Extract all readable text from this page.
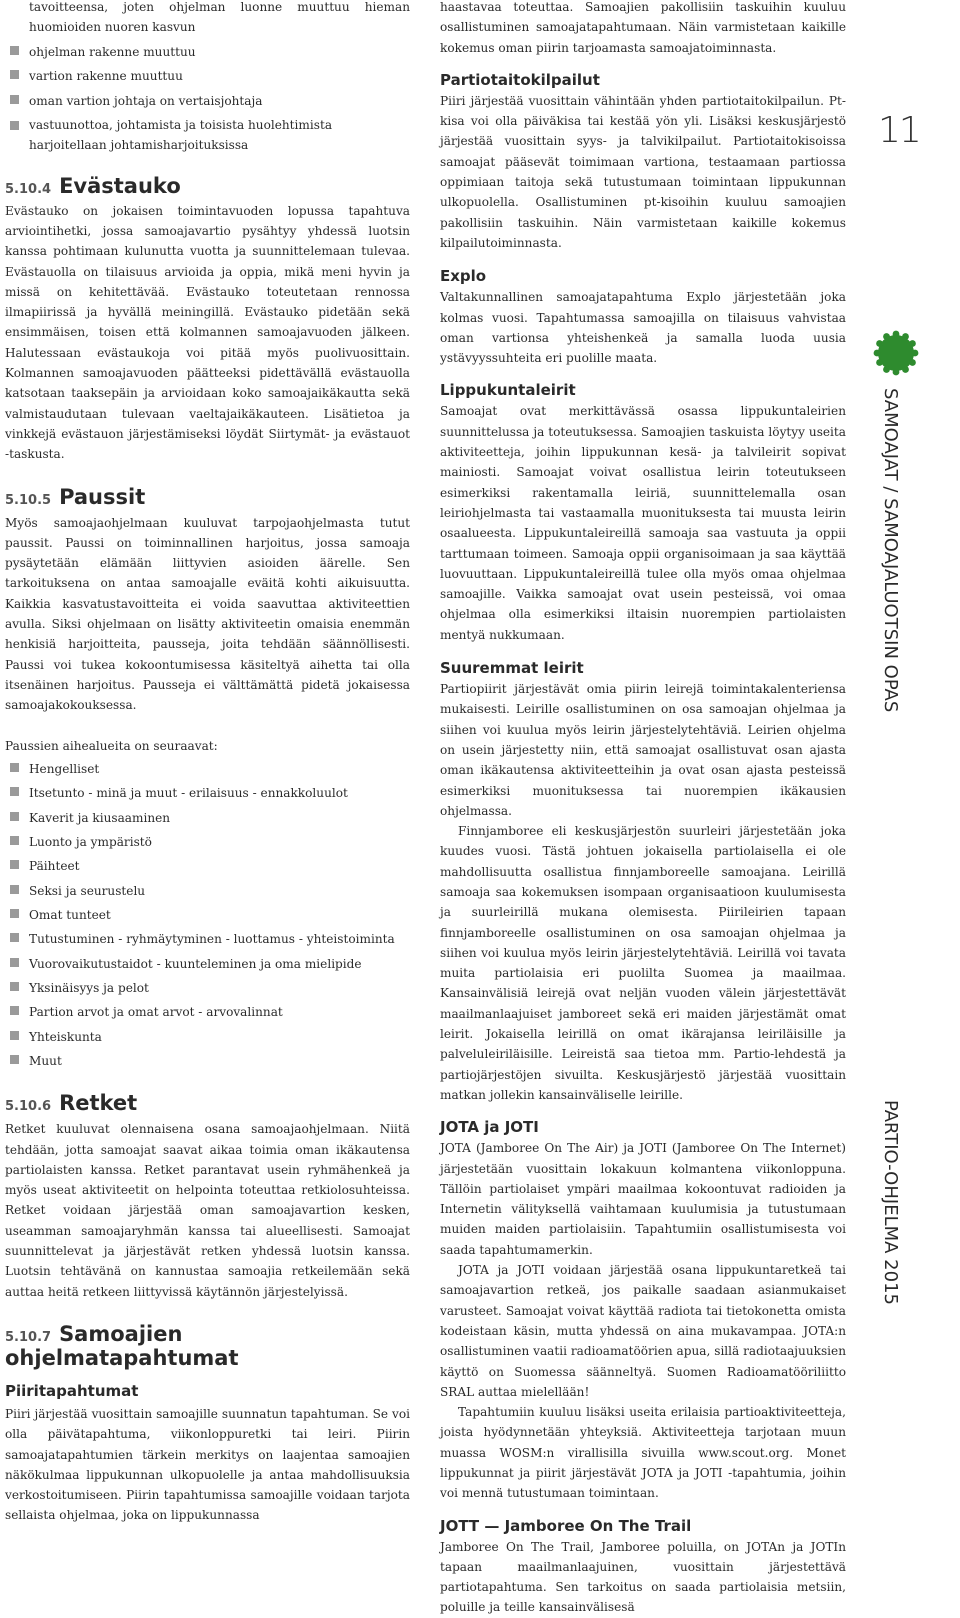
tavoitteensa, joten ohjelman luonne muuttuu hieman huomioiden nuoren kasvun

ohjelman rakenne muuttuu
vartion rakenne muuttuu
oman vartion johtaja on vertaisjohtaja
vastuunottoa, johtamista ja toisista huolehtimista harjoitellaan johtamisharjoituksissa
5.10.4 Evästauko

Evästauko on jokaisen toimintavuoden lopussa tapahtuva arviointihetki, jossa samoajavartio pysähtyy yhdessä luotsin kanssa pohtimaan kulunutta vuotta ja suunnittelemaan tulevaa. Evästauolla on tilaisuus arvioida ja oppia, mikä meni hyvin ja missä on kehitettävää. Evästauko toteutetaan rennossa ilmapiirissä ja hyvällä meiningillä. Evästauko pidetään sekä ensimmäisen, toisen että kolmannen samoajavuoden jälkeen. Halutessaan evästaukoja voi pitää myös puolivuosittain. Kolmannen samoajavuoden päätteeksi pidettävällä evästauolla katsotaan taaksepäin ja arvioidaan koko samoajaikäkautta sekä valmistaudutaan tulevaan vaeltajaikäkauteen. Lisätietoa ja vinkkejä evästauon järjestämiseksi löydät Siirtymät- ja evästauot -taskusta.

5.10.5 Paussit

Myös samoajaohjelmaan kuuluvat tarpojaohjelmasta tutut paussit. Paussi on toiminnallinen harjoitus, jossa samoaja pysäytetään elämään liittyvien asioiden äärelle. Sen tarkoituksena on antaa samoajalle eväitä kohti aikuisuutta. Kaikkia kasvatustavoitteita ei voida saavuttaa aktiviteettien avulla. Siksi ohjelmaan on lisätty aktiviteetin omaisia enemmän henkisiä harjoitteita, pausseja, joita tehdään säännöllisesti. Paussi voi tukea kokoontumisessa käsiteltyä aihetta tai olla itsenäinen harjoitus. Pausseja ei välttämättä pidetä jokaisessa samoajakokouksessa.

Paussien aihealueita on seuraavat:

Hengelliset
Itsetunto - minä ja muut - erilaisuus - ennakkoluulot
Kaverit ja kiusaaminen
Luonto ja ympäristö
Päihteet
Seksi ja seurustelu
Omat tunteet
Tutustuminen - ryhmäytyminen - luottamus - yhteistoiminta
Vuorovaikutustaidot - kuunteleminen ja oma mielipide
Yksinäisyys ja pelot
Partion arvot ja omat arvot - arvovalinnat
Yhteiskunta
Muut
5.10.6 Retket

Retket kuuluvat olennaisena osana samoajaohjelmaan. Niitä tehdään, jotta samoajat saavat aikaa toimia oman ikäkautensa partiolaisten kanssa. Retket parantavat usein ryhmähenkeä ja myös useat aktiviteetit on helpointa toteuttaa retkiolosuhteissa. Retket voidaan järjestää oman samoajavartion kesken, useamman samoajaryhmän kanssa tai alueellisesti. Samoajat suunnittelevat ja järjestävät retken yhdessä luotsin kanssa. Luotsin tehtävänä on kannustaa samoajia retkeilemään sekä auttaa heitä retkeen liittyvissä käytännön järjestelyissä.

5.10.7 Samoajien ohjelmatapahtumat
Piiritapahtumat

Piiri järjestää vuosittain samoajille suunnatun tapahtuman. Se voi olla päivätapahtuma, viikonloppuretki tai leiri. Piirin samoajatapahtumien tärkein merkitys on laajentaa samoajien näkökulmaa lippukunnan ulkopuolelle ja antaa mahdollisuuksia verkostoitumiseen. Piirin tapahtumissa samoajille voidaan tarjota sellaista ohjelmaa, joka on lippukunnassa

haastavaa toteuttaa. Samoajien pakollisiin taskuihin kuuluu osallistuminen samoajatapahtumaan. Näin varmistetaan kaikille kokemus oman piirin tarjoamasta samoajatoiminnasta.

Partiotaitokilpailut

Piiri järjestää vuosittain vähintään yhden partiotaitokilpailun. Pt-kisa voi olla päiväkisa tai kestää yön yli. Lisäksi keskusjärjestö järjestää vuosittain syys- ja talvikilpailut. Partiotaitokisoissa samoajat pääsevät toimimaan vartiona, testaamaan partiossa oppimiaan taitoja sekä tutustumaan toimintaan lippukunnan ulkopuolella. Osallistuminen pt-kisoihin kuuluu samoajien pakollisiin taskuihin. Näin varmistetaan kaikille kokemus kilpailutoiminnasta.

Explo

Valtakunnallinen samoajatapahtuma Explo järjestetään joka kolmas vuosi. Tapahtumassa samoajilla on tilaisuus vahvistaa oman vartionsa yhteishenkeä ja samalla luoda uusia ystävyyssuhteita eri puolille maata.

Lippukuntaleirit

Samoajat ovat merkittävässä osassa lippukuntaleirien suunnittelussa ja toteutuksessa. Samoajien taskuista löytyy useita aktiviteetteja, joihin lippukunnan kesä- ja talvileirit sopivat mainiosti. Samoajat voivat osallistua leirin toteutukseen esimerkiksi rakentamalla leiriä, suunnittelemalla osan leiriohjelmasta tai vastaamalla muonituksesta tai muusta leirin osaalueesta. Lippukuntaleireillä samoaja saa vastuuta ja oppii tarttumaan toimeen. Samoaja oppii organisoimaan ja saa käyttää luovuuttaan. Lippukuntaleireillä tulee olla myös omaa ohjelmaa samoajille. Vaikka samoajat ovat usein pesteissä, voi omaa ohjelmaa olla esimerkiksi iltaisin nuorempien partiolaisten mentyä nukkumaan.

Suuremmat leirit

Partiopiirit järjestävät omia piirin leirejä toimintakalenteriensa mukaisesti. Leirille osallistuminen on osa samoajan ohjelmaa ja siihen voi kuulua myös leirin järjestelytehtäviä. Leirien ohjelma on usein järjestetty niin, että samoajat osallistuvat osan ajasta oman ikäkautensa aktiviteetteihin ja ovat osan ajasta pesteissä esimerkiksi muonituksessa tai nuorempien ikäkausien ohjelmassa.

Finnjamboree eli keskusjärjestön suurleiri järjestetään joka kuudes vuosi. Tästä johtuen jokaisella partiolaisella ei ole mahdollisuutta osallistua finnjamboreelle samoajana. Leirillä samoaja saa kokemuksen isompaan organisaatioon kuulumisesta ja suurleirillä mukana olemisesta. Piirileirien tapaan finnjamboreelle osallistuminen on osa samoajan ohjelmaa ja siihen voi kuulua myös leirin järjestelytehtäviä. Leirillä voi tavata muita partiolaisia eri puolilta Suomea ja maailmaa. Kansainvälisiä leirejä ovat neljän vuoden välein järjestettävät maailmanlaajuiset jamboreet sekä eri maiden järjestämät omat leirit. Jokaisella leirillä on omat ikärajansa leiriläisille ja palveluleiriläisille. Leireistä saa tietoa mm. Partio-lehdestä ja partiojärjestöjen sivuilta. Keskusjärjestö järjestää vuosittain matkan jollekin kansainväliselle leirille.

JOTA ja JOTI

JOTA (Jamboree On The Air) ja JOTI (Jamboree On The Internet) järjestetään vuosittain lokakuun kolmantena viikonloppuna. Tällöin partiolaiset ympäri maailmaa kokoontuvat radioiden ja Internetin välityksellä vaihtamaan kuulumisia ja tutustumaan muiden maiden partiolaisiin. Tapahtumiin osallistumisesta voi saada tapahtumamerkin.

JOTA ja JOTI voidaan järjestää osana lippukuntaretkeä tai samoajavartion retkeä, jos paikalle saadaan asianmukaiset varusteet. Samoajat voivat käyttää radiota tai tietokonetta omista kodeistaan käsin, mutta yhdessä on aina mukavampaa. JOTA:n osallistuminen vaatii radioamatöörien apua, sillä radiotaajuuksien käyttö on Suomessa säänneltyä. Suomen Radioamatööriliitto SRAL auttaa mielellään!

Tapahtumiin kuuluu lisäksi useita erilaisia partioaktiviteetteja, joista hyödynnetään yhteyksiä. Aktiviteetteja tarjotaan muun muassa WOSM:n virallisilla sivuilla www.scout.org. Monet lippukunnat ja piirit järjestävät JOTA ja JOTI -tapahtumia, joihin voi mennä tutustumaan toimintaan.

JOTT — Jamboree On The Trail

Jamboree On The Trail, Jamboree poluilla, on JOTAn ja JOTIn tapaan maailmanlaajuinen, vuosittain järjestettävä partiotapahtuma. Sen tarkoitus on saada partiolaisia metsiin, poluille ja teille kansainvälisesä

11
SAMOAJAT / SAMOAJALUOTSIN OPAS
PARTIO-OHJELMA 2015
